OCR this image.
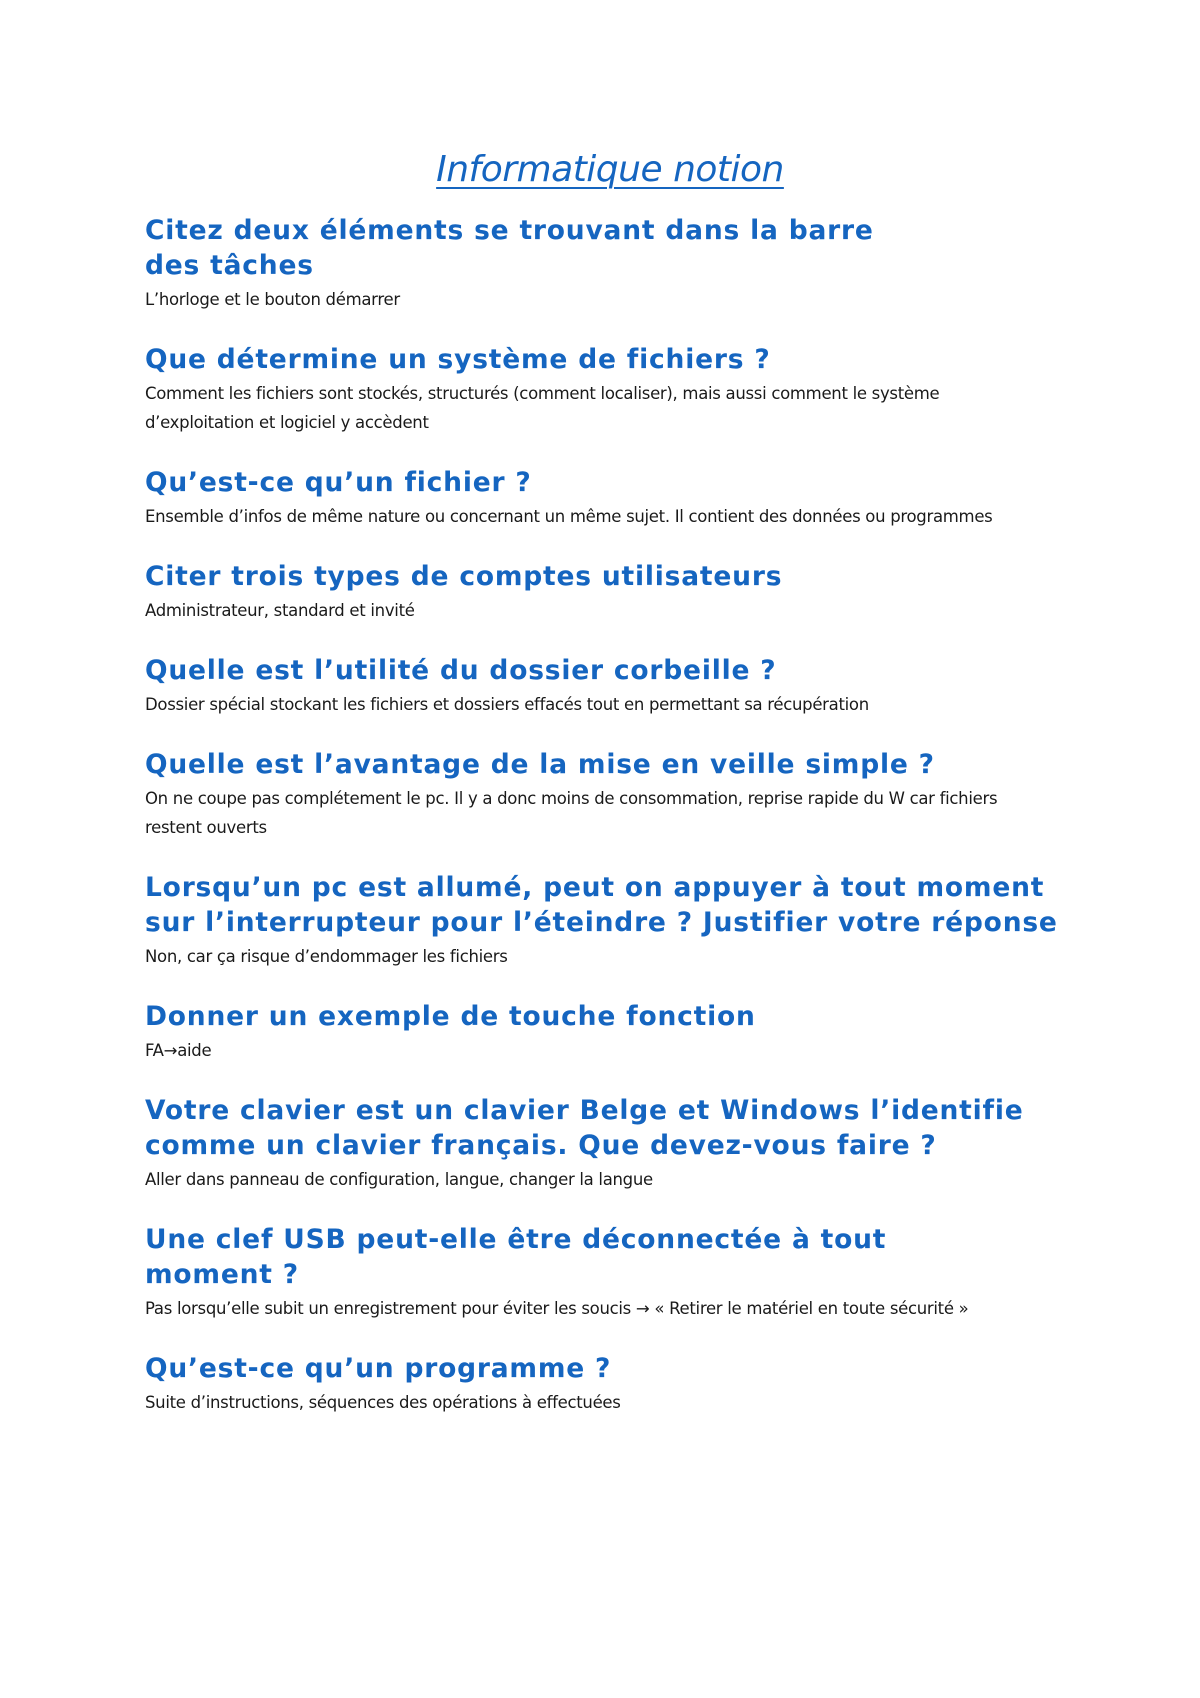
Informatique notion
Citez deux éléments se trouvant dans la barre des tâches

L’horloge et le bouton démarrer

Que détermine un système de fichiers ?

Comment les fichiers sont stockés, structurés (comment localiser), mais aussi comment le système d’exploitation et logiciel y accèdent

Qu’est-ce qu’un fichier ?

Ensemble d’infos de même nature ou concernant un même sujet. Il contient des données ou programmes

Citer trois types de comptes utilisateurs

Administrateur, standard et invité

Quelle est l’utilité du dossier corbeille ?

Dossier spécial stockant les fichiers et dossiers effacés tout en permettant sa récupération

Quelle est l’avantage de la mise en veille simple ?

On ne coupe pas complétement le pc. Il y a donc moins de consommation, reprise rapide du W car fichiers restent ouverts

Lorsqu’un pc est allumé, peut on appuyer à tout moment sur l’interrupteur pour l’éteindre ? Justifier votre réponse

Non, car ça risque d’endommager les fichiers

Donner un exemple de touche fonction

FA→aide

Votre clavier est un clavier Belge et Windows l’identifie comme un clavier français. Que devez-vous faire ?

Aller dans panneau de configuration, langue, changer la langue

Une clef USB peut-elle être déconnectée à tout moment ?

Pas lorsqu’elle subit un enregistrement pour éviter les soucis → « Retirer le matériel en toute sécurité »

Qu’est-ce qu’un programme ?

Suite d’instructions, séquences des opérations à effectuées
